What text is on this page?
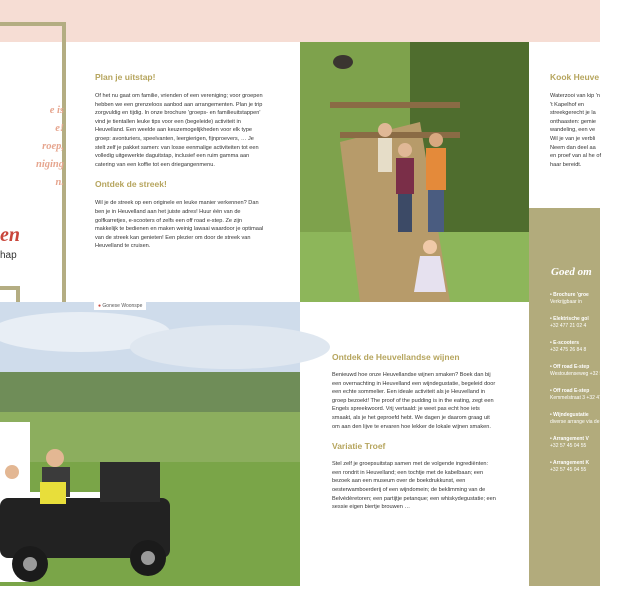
e is
e!
roep,
niging
n.
en
hap
Plan je uitstap!
Of het nu gaat om familie, vrienden of een vereniging; voor groepen hebben we een grenzeloos aanbod aan arrangementen. Plan je trip zorgvuldig en tijdig. In onze brochure 'groeps- en familieuitstappen' vind je tientallen leuke tips voor een (begeleide) activiteit in Heuvelland. Een weelde aan keuzemogelijkheden voor elk type groep: avonturiers, speelvanten, leergierigen, fijnproevers, … Je stelt zelf je pakket samen: van losse eenmalige activiteiten tot een volledig uitgewerkte daguitstap, inclusief een ruim gamma aan catering van een koffie tot een driegangenmenu.
Ontdek de streek!
Wil je de streek op een originele en leuke manier verkennen? Dan ben je in Heuvelland aan het juiste adres! Huur één van de golfkarretjes, e-scooters of zelfs een off road e-step. Ze zijn makkelijk te bedienen en maken weinig lawaai waardoor je optimaal van de streek kan genieten! Een plezier om door de streek van Heuvelland te cruisen.
● Gonese Woonspe
Ontdek de Heuvellandse wijnen
Benieuwd hoe onze Heuvellandse wijnen smaken? Boek dan bij een overnachting in Heuvelland een wijndegustatie, begeleid door een echte sommelier. Een ideale activiteit als je Heuvelland in groep bezoekt! The proof of the pudding is in the eating, zegt een Engels spreekwoord. Vrij vertaald: je weet pas echt hoe iets smaakt, als je het geproefd hebt. We dagen je daarom graag uit om aan den lijve te ervaren hoe lekker de lokale wijnen smaken.
Variatie Troef
Stel zelf je groepsuitstap samen met de volgende ingrediënten: een rondrit in Heuvelland; een tochtje met de kabelbaan; een bezoek aan een museum over de boekdrukkunst, een oesterwamboerderij of een wijndomein; de beklimming van de Belvédèretoren; een partijtje petanque; een whiskydegustatie; een sessie eigen biertje brouwen …
Kook Heuve
Waterzooi van kip 'n 't Kapelhof en streekgerecht je la onthaasten: gemie wandeling, een ve Wil je van je verbli Neem dan deel aa en proef van al he of haar bereidt.
Goed om
• Brochure 'groe
Verkrijgbaar in
• Elektrische gol
+32 477 21 02 4
• E-scooters
+32 475 26 84 8
• Off road E-step
Westoutenseweg +32 57 33 87 01
• Off road E-step
Kemmelstraat 3 +32 472 40 02 0
• Wijndegustatie
diverse arrange via de website
• Arrangement V
+32 57 45 04 55
• Arrangement K
+32 57 45 04 55
